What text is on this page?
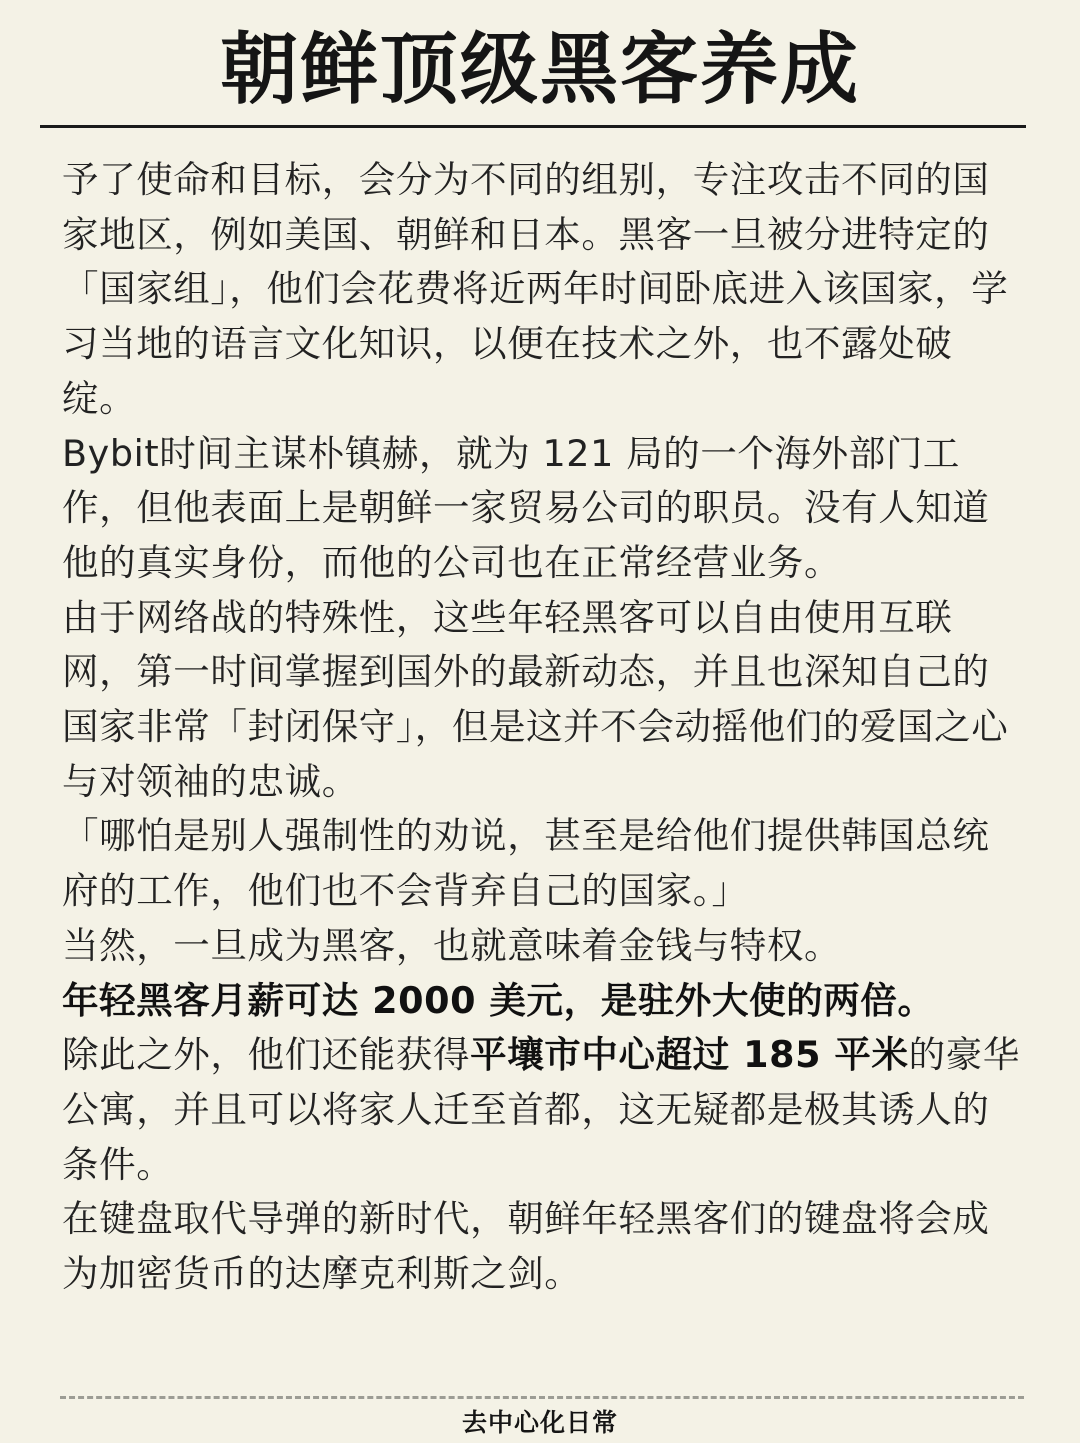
朝鲜顶级黑客养成
予了使命和目标，会分为不同的组别，专注攻击不同的国家地区，例如美国、朝鲜和日本。黑客一旦被分进特定的「国家组」，他们会花费将近两年时间卧底进入该国家，学习当地的语言文化知识，以便在技术之外，也不露处破绽。
Bybit时间主谋朴镇赫，就为 121 局的一个海外部门工作，但他表面上是朝鲜一家贸易公司的职员。没有人知道他的真实身份，而他的公司也在正常经营业务。
由于网络战的特殊性，这些年轻黑客可以自由使用互联网，第一时间掌握到国外的最新动态，并且也深知自己的国家非常「封闭保守」，但是这并不会动摇他们的爱国之心与对领袖的忠诚。
「哪怕是别人强制性的劝说，甚至是给他们提供韩国总统府的工作，他们也不会背弃自己的国家。」
当然，一旦成为黑客，也就意味着金钱与特权。
年轻黑客月薪可达 2000 美元，是驻外大使的两倍。
除此之外，他们还能获得平壤市中心超过 185 平米的豪华公寓，并且可以将家人迁至首都，这无疑都是极其诱人的条件。
在键盘取代导弹的新时代，朝鲜年轻黑客们的键盘将会成为加密货币的达摩克利斯之剑。
去中心化日常
